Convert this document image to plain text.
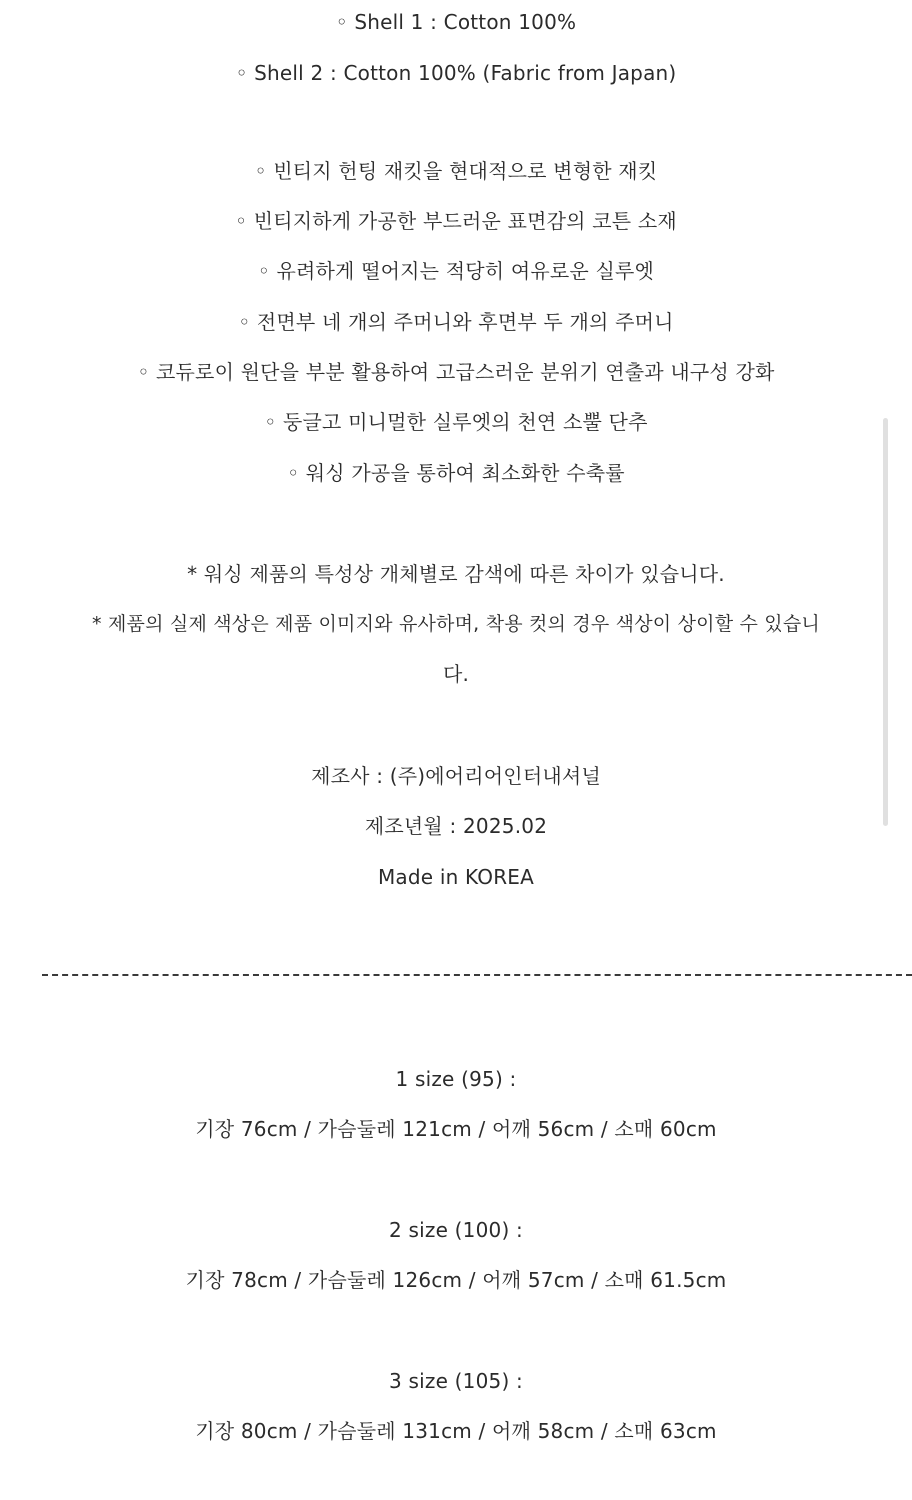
◦ Shell 1 : Cotton 100%
◦ Shell 2 : Cotton 100% (Fabric from Japan)
◦ 빈티지 헌팅 재킷을 현대적으로 변형한 재킷
◦ 빈티지하게 가공한 부드러운 표면감의 코튼 소재
◦ 유려하게 떨어지는 적당히 여유로운 실루엣
◦ 전면부 네 개의 주머니와 후면부 두 개의 주머니
◦ 코듀로이 원단을 부분 활용하여 고급스러운 분위기 연출과 내구성 강화
◦ 둥글고 미니멀한 실루엣의 천연 소뿔 단추
◦ 워싱 가공을 통하여 최소화한 수축률
* 워싱 제품의 특성상 개체별로 감색에 따른 차이가 있습니다.
* 제품의 실제 색상은 제품 이미지와 유사하며, 착용 컷의 경우 색상이 상이할 수 있습니
다.
제조사 : (주)에어리어인터내셔널
제조년월 : 2025.02
Made in KOREA
1 size (95) :
기장 76cm / 가슴둘레 121cm / 어깨 56cm / 소매 60cm
2 size (100) :
기장 78cm / 가슴둘레 126cm / 어깨 57cm / 소매 61.5cm
3 size (105) :
기장 80cm / 가슴둘레 131cm / 어깨 58cm / 소매 63cm
